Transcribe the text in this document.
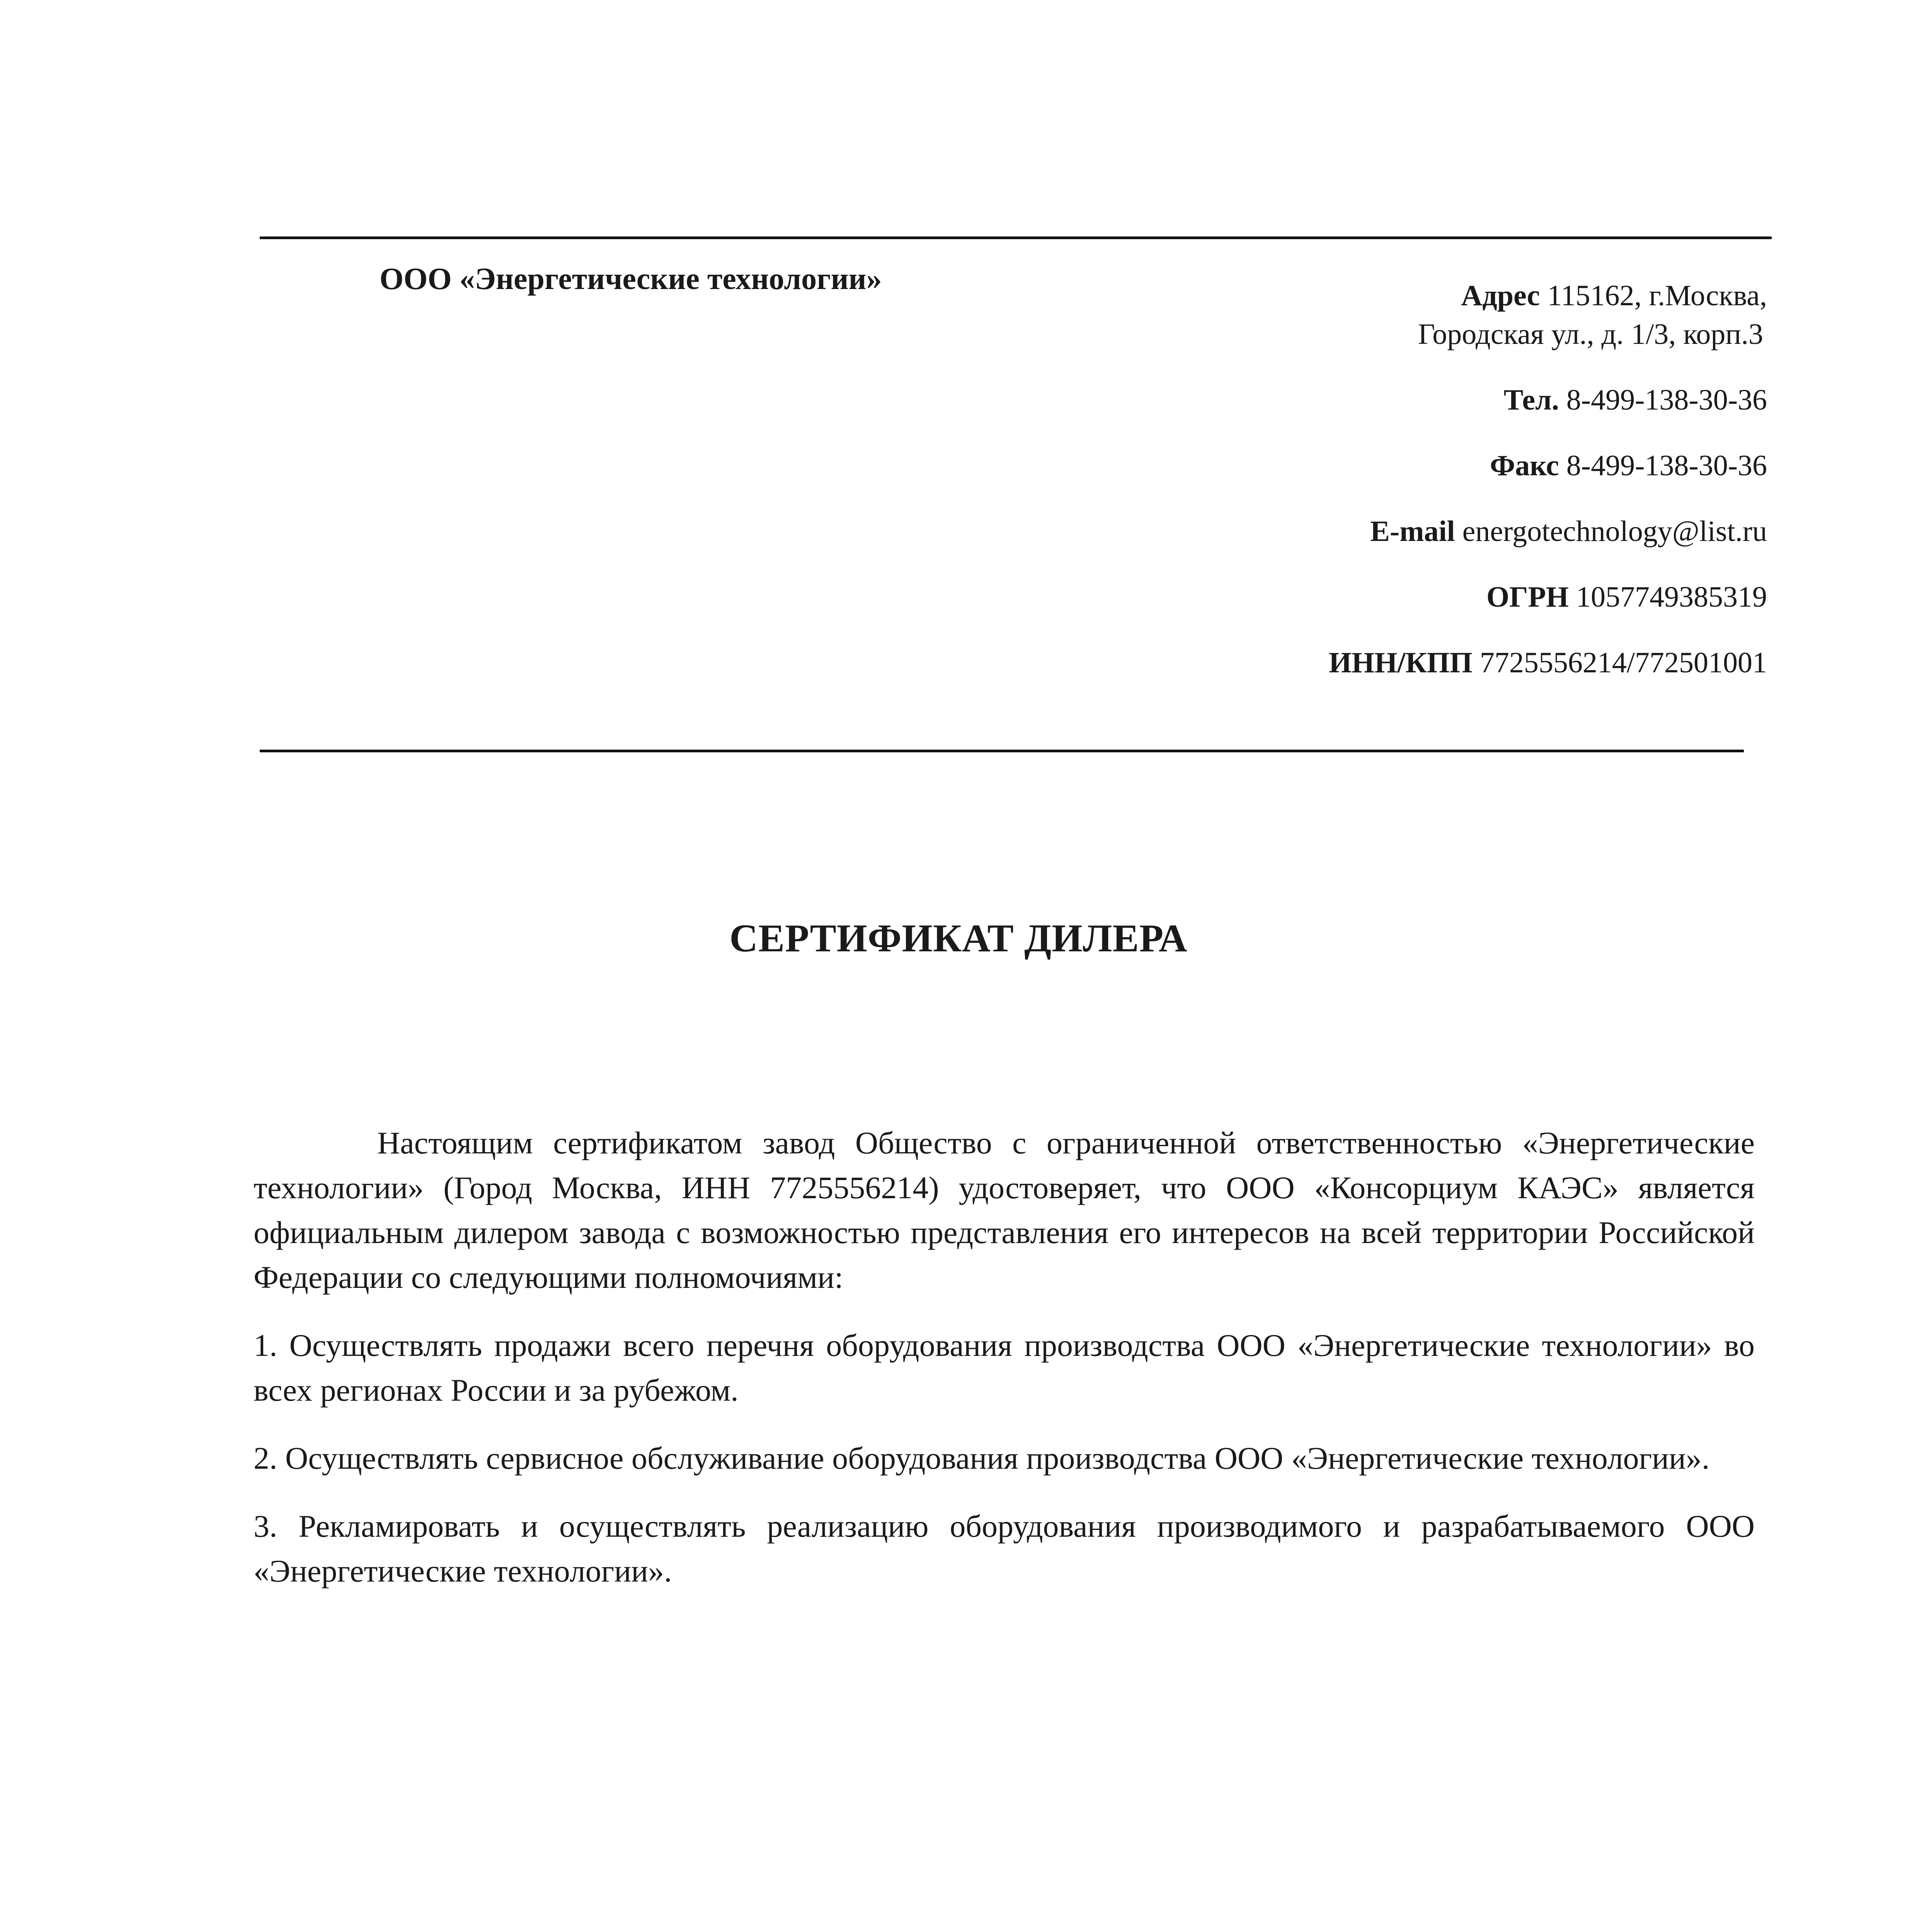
ООО «Энергетические технологии»	Адрес 115162, г.Москва,
Городская ул., д. 1/3, корп.3
Тел. 8-499-138-30-36
Факс 8-499-138-30-36
E-mail energotechnology@list.ru
ОГРН 1057749385319
ИНН/КПП 7725556214/772501001
СЕРТИФИКАТ ДИЛЕРА

Настоящим сертификатом завод Общество с ограниченной ответственностью «Энергетические технологии» (Город Москва, ИНН 7725556214) удостоверяет, что ООО «Консорциум КАЭС» является официальным дилером завода с возможностью представления его интересов на всей территории Российской Федерации со следующими полномочиями:

1. Осуществлять продажи всего перечня оборудования производства ООО «Энергетические технологии» во всех регионах России и за рубежом.

2. Осуществлять сервисное обслуживание оборудования производства ООО «Энергетические технологии».

3. Рекламировать и осуществлять реализацию оборудования производимого и разрабатываемого ООО «Энергетические технологии».
